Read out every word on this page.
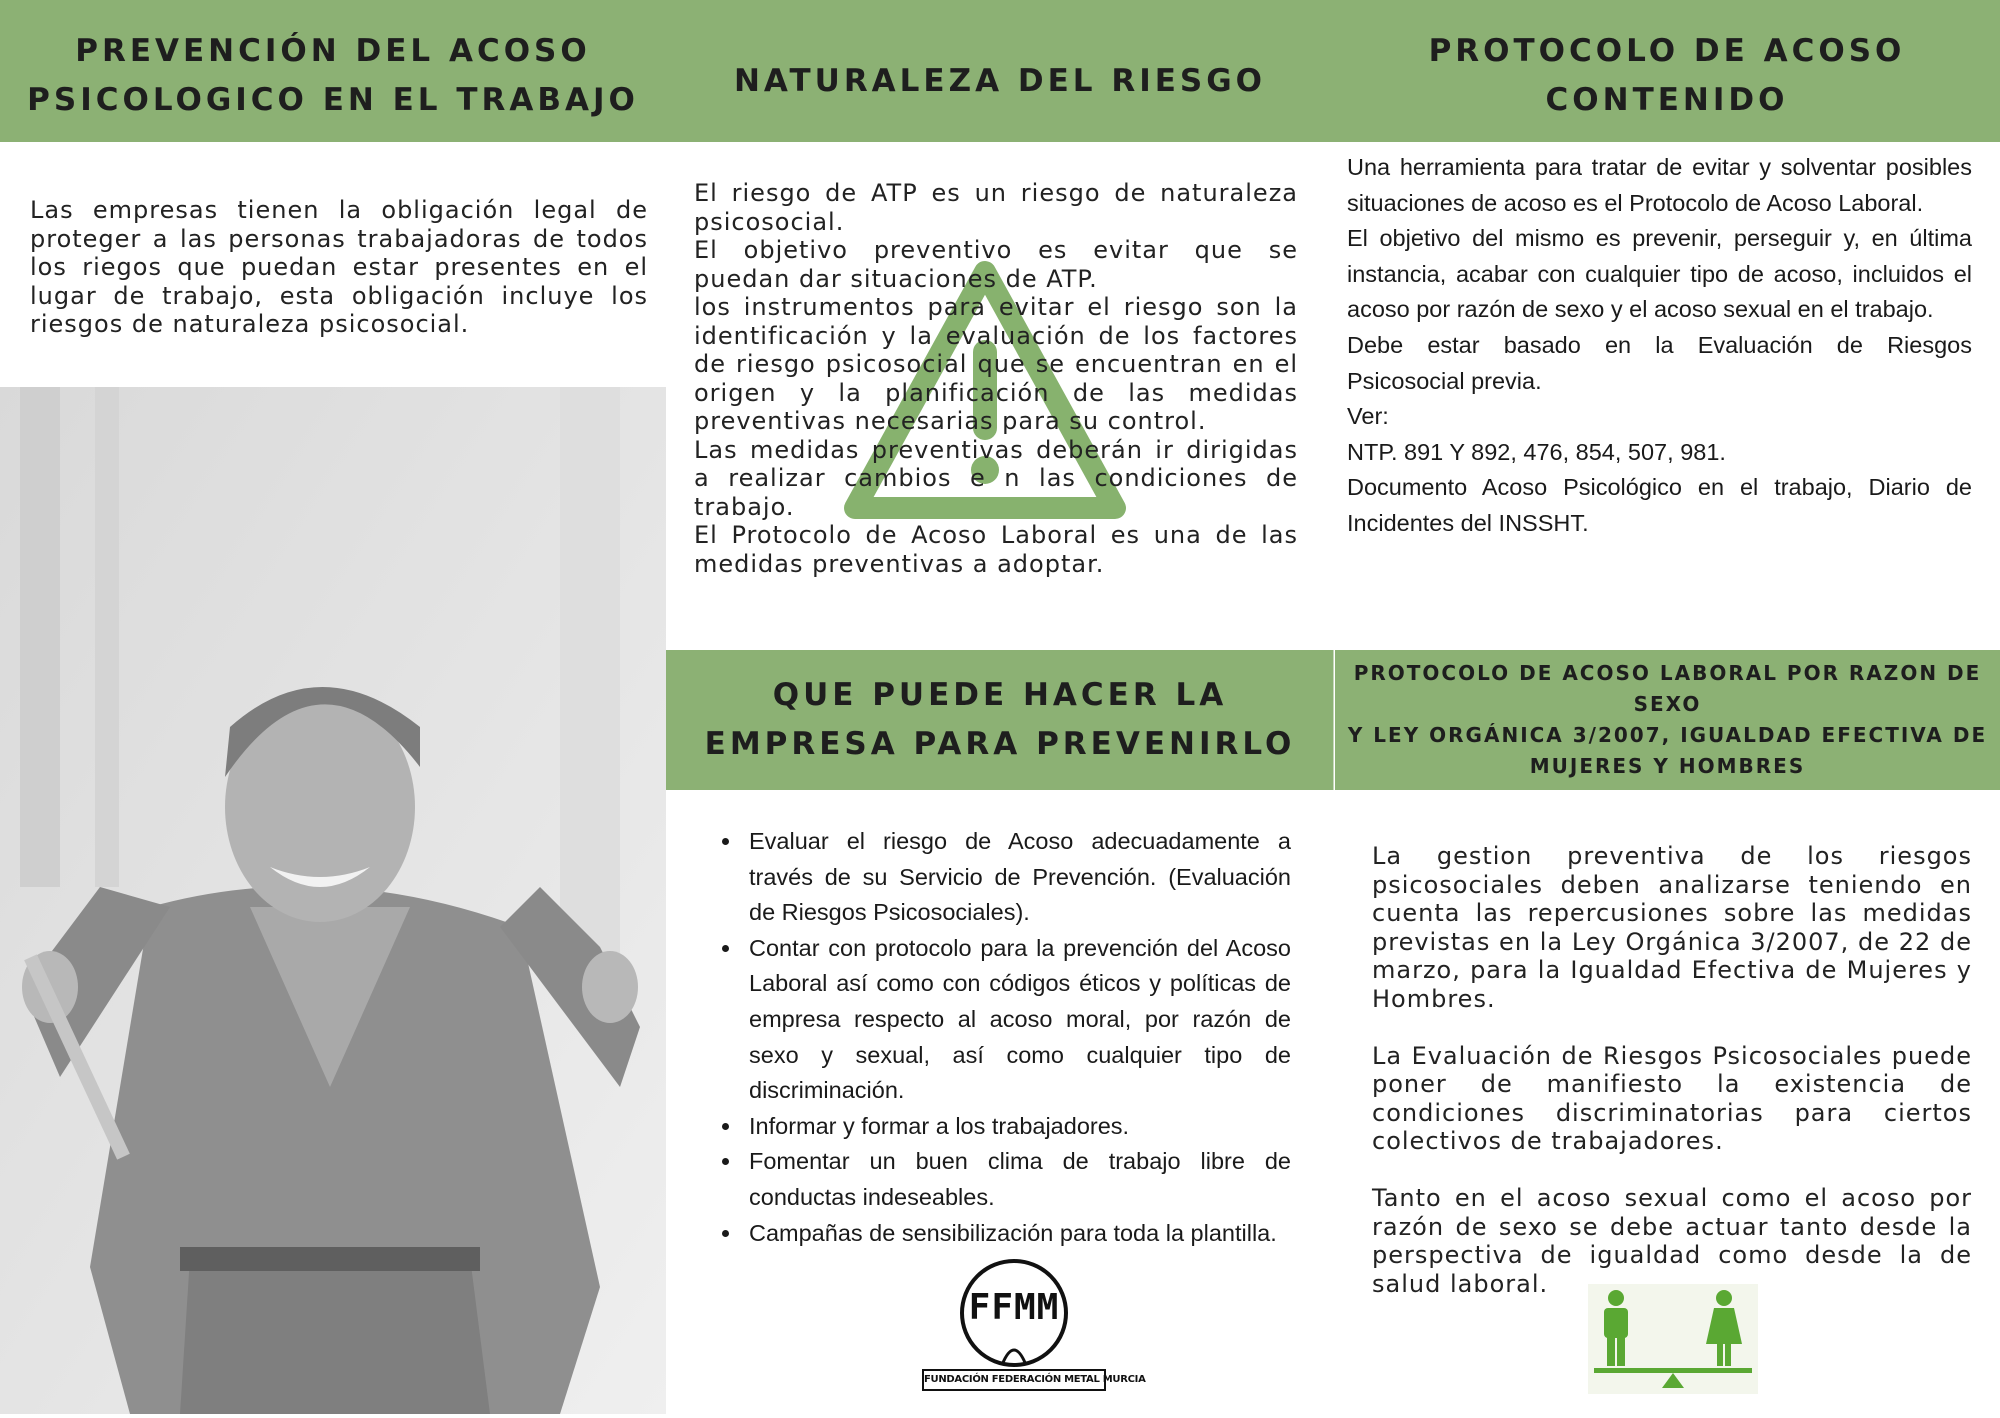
PREVENCIÓN DEL ACOSO
PSICOLOGICO EN EL TRABAJO
NATURALEZA DEL RIESGO
PROTOCOLO DE ACOSO
CONTENIDO

Las empresas tienen la obligación legal de proteger a las personas trabajadoras de todos los riegos que puedan estar presentes en el lugar de trabajo, esta obligación incluye los riesgos de naturaleza psicosocial.

El riesgo de ATP es un riesgo de naturaleza psicosocial.

El objetivo preventivo es evitar que se puedan dar situaciones de ATP.

los instrumentos para evitar el riesgo son la identificación y la evaluación de los factores de riesgo psicosocial que se encuentran en el origen y la planificación de las medidas preventivas necesarias para su control.

Las medidas preventivas deberán ir dirigidas a realizar cambios e n las condiciones de trabajo.

El Protocolo de Acoso Laboral es una de las medidas preventivas a adoptar.

Una herramienta para tratar de evitar y solventar posibles situaciones de acoso es el Protocolo de Acoso Laboral.

El objetivo del mismo es prevenir, perseguir y, en última instancia, acabar con cualquier tipo de acoso, incluidos el acoso por razón de sexo y el acoso sexual en el trabajo.

Debe estar basado en la Evaluación de Riesgos Psicosocial previa.

Ver:

NTP. 891 Y 892, 476, 854, 507, 981.

Documento Acoso Psicológico en el trabajo, Diario de Incidentes del INSSHT.

QUE PUEDE HACER LA
EMPRESA PARA PREVENIRLO
PROTOCOLO DE ACOSO LABORAL POR RAZON DE SEXO
Y LEY ORGÁNICA 3/2007, IGUALDAD EFECTIVA DE
MUJERES Y HOMBRES
• Evaluar el riesgo de Acoso adecuadamente a través de su Servicio de Prevención. (Evaluación de Riesgos Psicosociales).
• Contar con protocolo para la prevención del Acoso Laboral así como con códigos éticos y políticas de empresa respecto al acoso moral, por razón de sexo y sexual, así como cualquier tipo de discriminación.
• Informar y formar a los trabajadores.
• Fomentar un buen clima de trabajo libre de conductas indeseables.
• Campañas de sensibilización para toda la plantilla.
FFMM
FUNDACIÓN FEDERACIÓN METAL MURCIA

La gestion preventiva de los riesgos psicosociales deben analizarse teniendo en cuenta las repercusiones sobre las medidas previstas en la Ley Orgánica 3/2007, de 22 de marzo, para la Igualdad Efectiva de Mujeres y Hombres.

La Evaluación de Riesgos Psicosociales puede poner de manifiesto la existencia de condiciones discriminatorias para ciertos colectivos de trabajadores.

Tanto en el acoso sexual como el acoso por razón de sexo se debe actuar tanto desde la perspectiva de igualdad como desde la de salud laboral.
